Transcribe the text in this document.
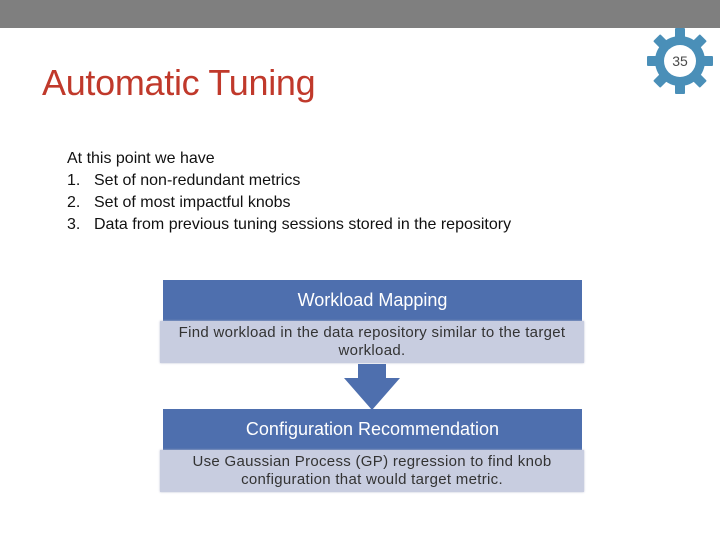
Automatic Tuning
35
At this point we have
1. Set of non-redundant metrics
2. Set of most impactful knobs
3. Data from previous tuning sessions stored in the repository
Workload Mapping
Find workload in the data repository similar to the target workload.
Configuration Recommendation
Use Gaussian Process (GP) regression to find knob configuration that would target metric.
